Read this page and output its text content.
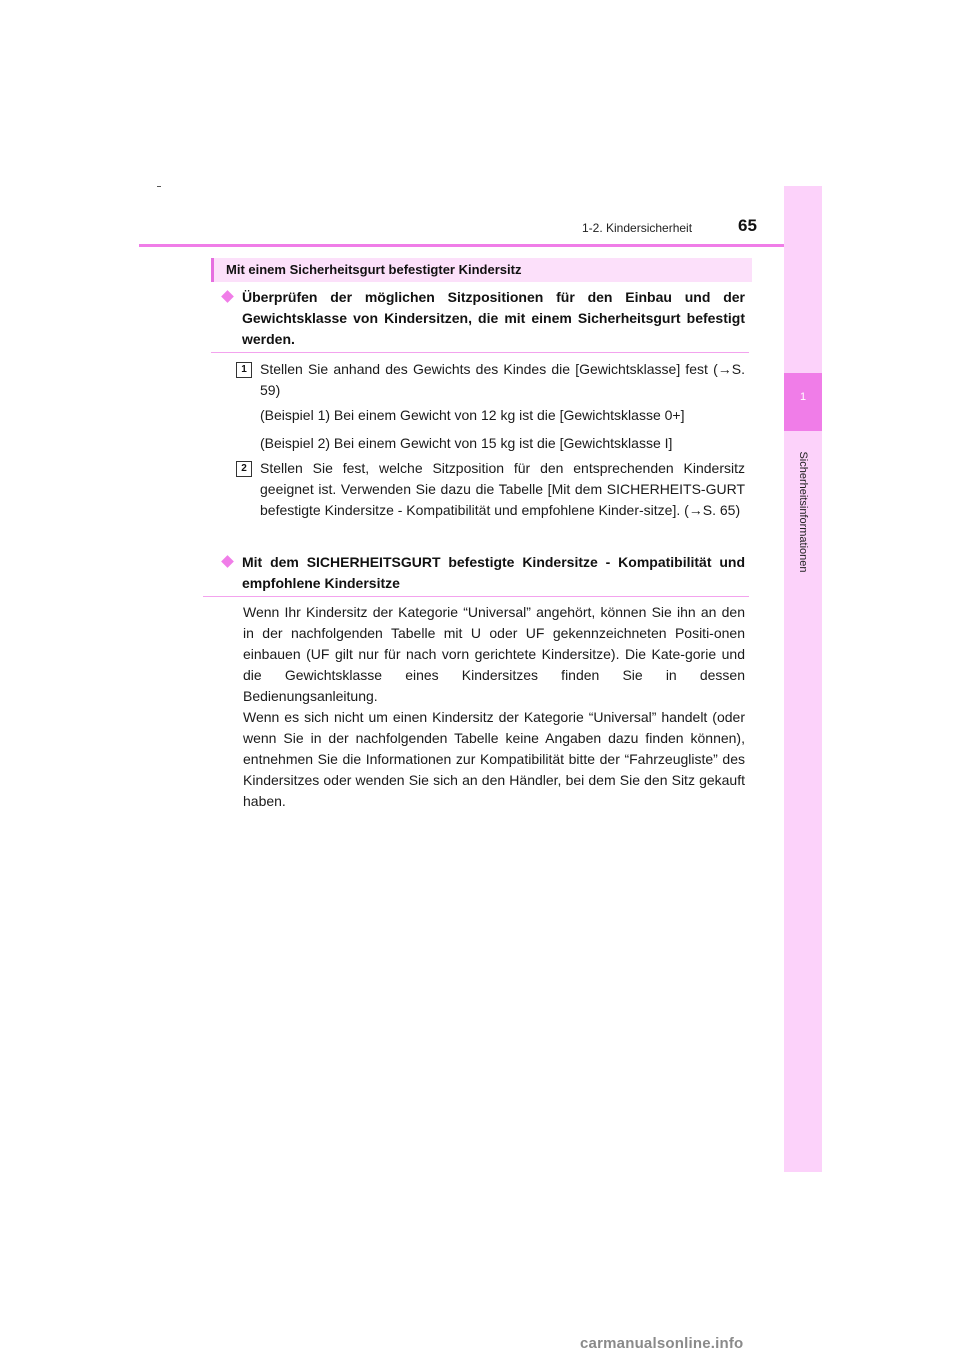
1-2. Kindersicherheit	65
1
Sicherheitsinformationen
Mit einem Sicherheitsgurt befestigter Kindersitz
Überprüfen der möglichen Sitzpositionen für den Einbau und der Gewichtsklasse von Kindersitzen, die mit einem Sicherheitsgurt befestigt werden.
1 Stellen Sie anhand des Gewichts des Kindes die [Gewichtsklasse] fest (→S. 59)
(Beispiel 1) Bei einem Gewicht von 12 kg ist die [Gewichtsklasse 0+]
(Beispiel 2) Bei einem Gewicht von 15 kg ist die [Gewichtsklasse I]
2 Stellen Sie fest, welche Sitzposition für den entsprechenden Kindersitz geeignet ist. Verwenden Sie dazu die Tabelle [Mit dem SICHERHEITS-GURT befestigte Kindersitze - Kompatibilität und empfohlene Kinder-sitze]. (→S. 65)
Mit dem SICHERHEITSGURT befestigte Kindersitze - Kompatibilität und empfohlene Kindersitze
Wenn Ihr Kindersitz der Kategorie “Universal” angehört, können Sie ihn an den in der nachfolgenden Tabelle mit U oder UF gekennzeichneten Positi-onen einbauen (UF gilt nur für nach vorn gerichtete Kindersitze). Die Kate-gorie und die Gewichtsklasse eines Kindersitzes finden Sie in dessen Bedienungsanleitung.
Wenn es sich nicht um einen Kindersitz der Kategorie “Universal” handelt (oder wenn Sie in der nachfolgenden Tabelle keine Angaben dazu finden können), entnehmen Sie die Informationen zur Kompatibilität bitte der “Fahrzeugliste” des Kindersitzes oder wenden Sie sich an den Händler, bei dem Sie den Sitz gekauft haben.
carmanualsonline.info
